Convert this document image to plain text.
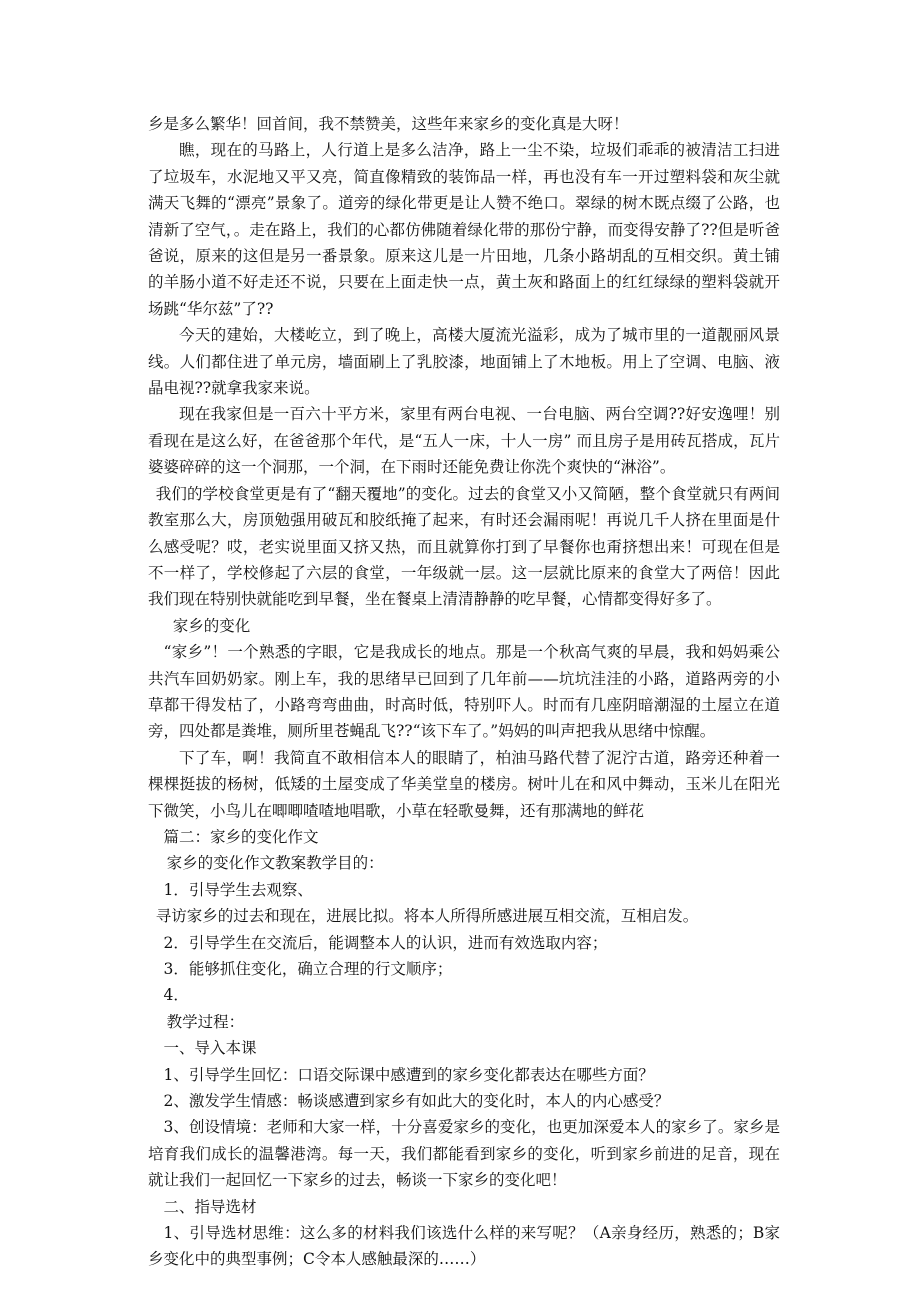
乡是多么繁华！回首间，我不禁赞美，这些年来家乡的变化真是大呀！

瞧，现在的马路上，人行道上是多么洁净，路上一尘不染，垃圾们乖乖的被清洁工扫进了垃圾车，水泥地又平又亮，简直像精致的装饰品一样，再也没有车一开过塑料袋和灰尘就满天飞舞的“漂亮”景象了。道旁的绿化带更是让人赞不绝口。翠绿的树木既点缀了公路，也清新了空气，。走在路上，我们的心都仿佛随着绿化带的那份宁静，而变得安静了??但是听爸爸说，原来的这但是另一番景象。原来这儿是一片田地，几条小路胡乱的互相交织。黄土铺的羊肠小道不好走还不说，只要在上面走快一点，黄土灰和路面上的红红绿绿的塑料袋就开场跳“华尔兹”了??

今天的建始，大楼屹立，到了晚上，高楼大厦流光溢彩，成为了城市里的一道靓丽风景线。人们都住进了单元房，墙面刷上了乳胶漆，地面铺上了木地板。用上了空调、电脑、液晶电视??就拿我家来说。

现在我家但是一百六十平方米，家里有两台电视、一台电脑、两台空调??好安逸哩！别看现在是这么好，在爸爸那个年代，是“五人一床，十人一房” 而且房子是用砖瓦搭成，瓦片婆婆碎碎的这一个洞那，一个洞，在下雨时还能免费让你洗个爽快的“淋浴”。

我们的学校食堂更是有了“翻天覆地”的变化。过去的食堂又小又简陋，整个食堂就只有两间教室那么大，房顶勉强用破瓦和胶纸掩了起来，有时还会漏雨呢！再说几千人挤在里面是什么感受呢？哎，老实说里面又挤又热，而且就算你打到了早餐你也甭挤想出来！可现在但是不一样了，学校修起了六层的食堂，一年级就一层。这一层就比原来的食堂大了两倍！因此我们现在特别快就能吃到早餐，坐在餐桌上清清静静的吃早餐，心情都变得好多了。

家乡的变化

“家乡”！一个熟悉的字眼，它是我成长的地点。那是一个秋高气爽的早晨，我和妈妈乘公共汽车回奶奶家。刚上车，我的思绪早已回到了几年前——坑坑洼洼的小路，道路两旁的小草都干得发枯了，小路弯弯曲曲，时高时低，特别吓人。时而有几座阴暗潮湿的土屋立在道旁，四处都是粪堆，厕所里苍蝇乱飞??“该下车了。”妈妈的叫声把我从思绪中惊醒。

下了车，啊！我简直不敢相信本人的眼睛了，柏油马路代替了泥泞古道，路旁还种着一棵棵挺拔的杨树，低矮的土屋变成了华美堂皇的楼房。树叶儿在和风中舞动，玉米儿在阳光下微笑，小鸟儿在唧唧喳喳地唱歌，小草在轻歌曼舞，还有那满地的鲜花

篇二：家乡的变化作文

家乡的变化作文教案教学目的：

1．引导学生去观察、

寻访家乡的过去和现在，进展比拟。将本人所得所感进展互相交流，互相启发。

2．引导学生在交流后，能调整本人的认识，进而有效选取内容；

3．能够抓住变化，确立合理的行文顺序；

4．

教学过程：

一、导入本课

1、引导学生回忆：口语交际课中感遭到的家乡变化都表达在哪些方面？

2、激发学生情感：畅谈感遭到家乡有如此大的变化时，本人的内心感受？

3、创设情境：老师和大家一样，十分喜爱家乡的变化，也更加深爱本人的家乡了。家乡是培育我们成长的温馨港湾。每一天，我们都能看到家乡的变化，听到家乡前进的足音，现在就让我们一起回忆一下家乡的过去，畅谈一下家乡的变化吧！

二、指导选材

1、引导选材思维：这么多的材料我们该选什么样的来写呢？（A亲身经历，熟悉的；B家乡变化中的典型事例；C令本人感触最深的……）
